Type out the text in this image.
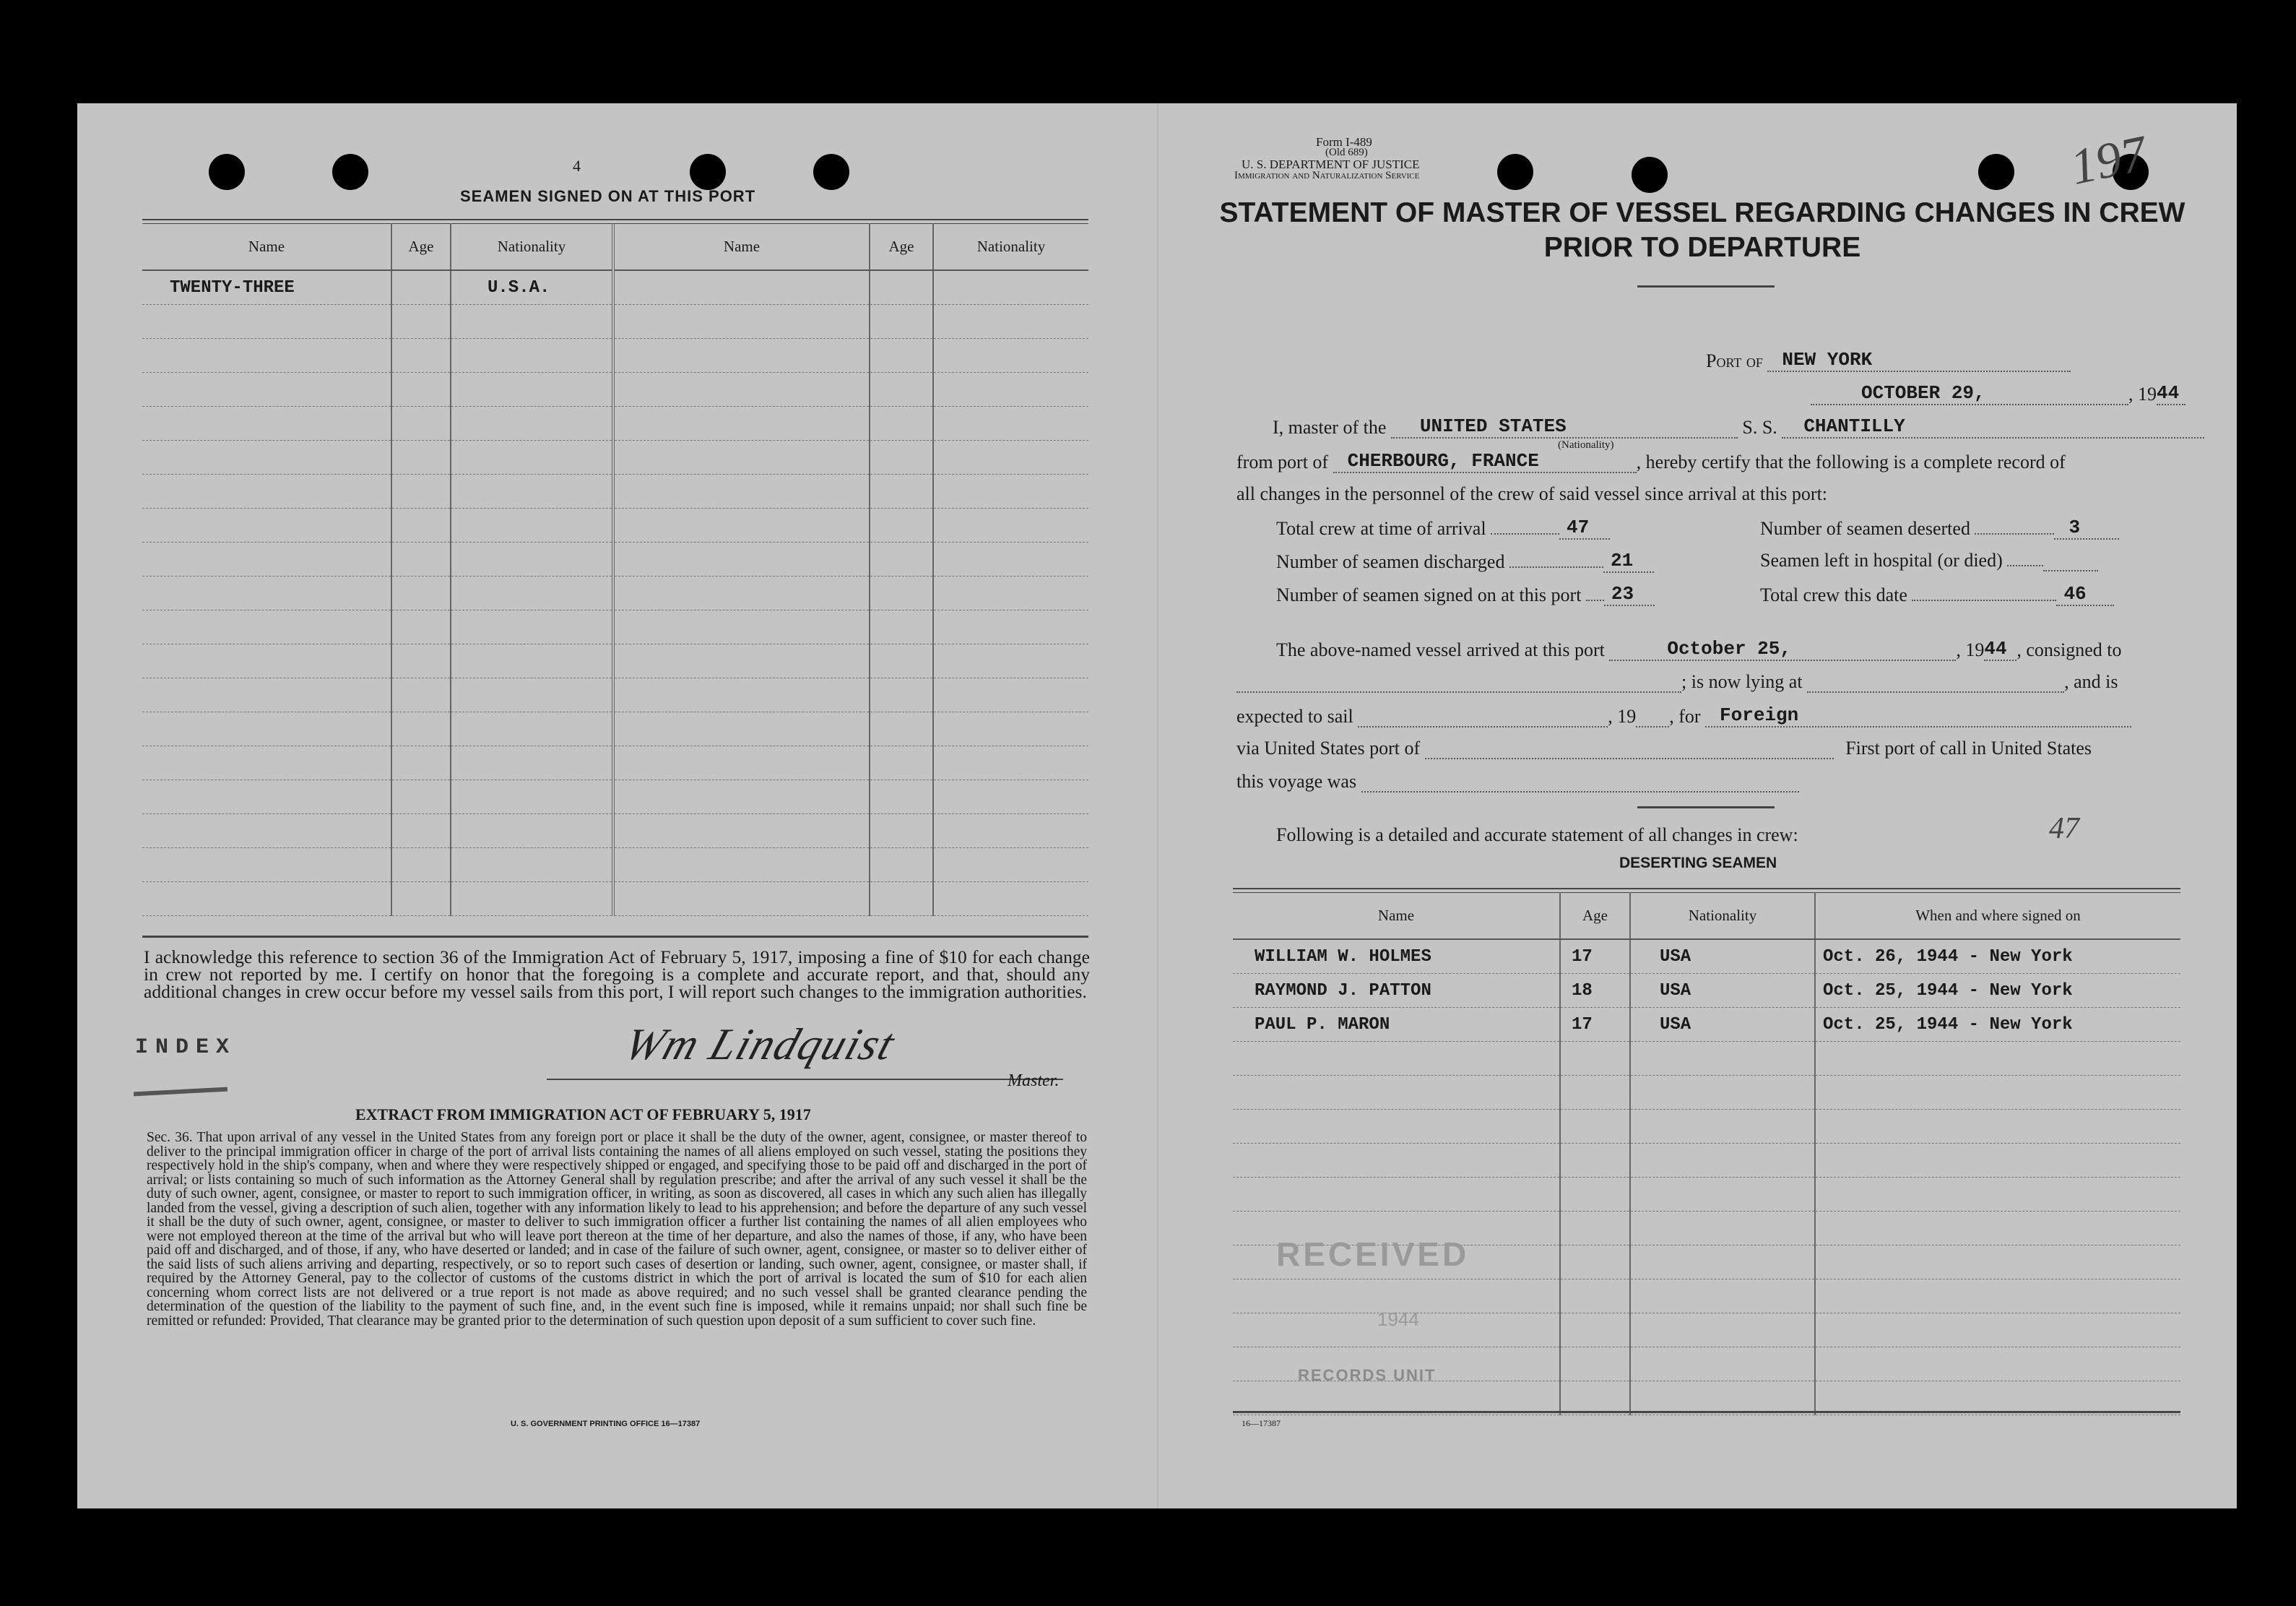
4
SEAMEN SIGNED ON AT THIS PORT
Name	Age	Nationality	Name	Age	Nationality
TWENTY-THREE		U.S.A.			

I acknowledge this reference to section 36 of the Immigration Act of February 5, 1917, imposing a fine of $10 for each change in crew not reported by me. I certify on honor that the foregoing is a complete and accurate report, and that, should any additional changes in crew occur before my vessel sails from this port, I will report such changes to the immigration authorities.
INDEX	Wm Lindquist
Master.
EXTRACT FROM IMMIGRATION ACT OF FEBRUARY 5, 1917
Sec. 36. That upon arrival of any vessel in the United States from any foreign port or place it shall be the duty of the owner, agent, consignee, or master thereof to deliver to the principal immigration officer in charge of the port of arrival lists containing the names of all aliens employed on such vessel, stating the positions they respectively hold in the ship's company, when and where they were respectively shipped or engaged, and specifying those to be paid off and discharged in the port of arrival; or lists containing so much of such information as the Attorney General shall by regulation prescribe; and after the arrival of any such vessel it shall be the duty of such owner, agent, consignee, or master to report to such immigration officer, in writing, as soon as discovered, all cases in which any such alien has illegally landed from the vessel, giving a description of such alien, together with any information likely to lead to his apprehension; and before the departure of any such vessel it shall be the duty of such owner, agent, consignee, or master to deliver to such immigration officer a further list containing the names of all alien employees who were not employed thereon at the time of the arrival but who will leave port thereon at the time of her departure, and also the names of those, if any, who have been paid off and discharged, and of those, if any, who have deserted or landed; and in case of the failure of such owner, agent, consignee, or master so to deliver either of the said lists of such aliens arriving and departing, respectively, or so to report such cases of desertion or landing, such owner, agent, consignee, or master shall, if required by the Attorney General, pay to the collector of customs of the customs district in which the port of arrival is located the sum of $10 for each alien concerning whom correct lists are not delivered or a true report is not made as above required; and no such vessel shall be granted clearance pending the determination of the question of the liability to the payment of such fine, and, in the event such fine is imposed, while it remains unpaid; nor shall such fine be remitted or refunded: Provided, That clearance may be granted prior to the determination of such question upon deposit of a sum sufficient to cover such fine.
U. S. GOVERNMENT PRINTING OFFICE 16—17387
Form I-489
(Old 689)
U. S. DEPARTMENT OF JUSTICE
Immigration and Naturalization Service	197
STATEMENT OF MASTER OF VESSEL REGARDING CHANGES IN CREW
PRIOR TO DEPARTURE
Port of NEW YORK
OCTOBER 29,	, 1944
I, master of the UNITED STATES	S. S. CHANTILLY
(Nationality)
from port of CHERBOURG, FRANCE	, hereby certify that the following is a complete record of
all changes in the personnel of the crew of said vessel since arrival at this port:
Total crew at time of arrival	47	Number of seamen deserted	3
Number of seamen discharged	21	Seamen left in hospital (or died)
Number of seamen signed on at this port 23	Total crew this date	46
The above-named vessel arrived at this port	October 25,	, 1944 , consigned to
; is now lying at	, and is
expected to sail	, 19 , for Foreign
via United States port of	First port of call in United States
this voyage was
Following is a detailed and accurate statement of all changes in crew:	47
DESERTING SEAMEN
Name	Age	Nationality	When and where signed on
WILLIAM W. HOLMES	17	USA	Oct. 26, 1944 - New York
RAYMOND J. PATTON	18	USA	Oct. 25, 1944 - New York
PAUL P. MARON	17	USA	Oct. 25, 1944 - New York

RECEIVED
1944
RECORDS UNIT
16—17387
